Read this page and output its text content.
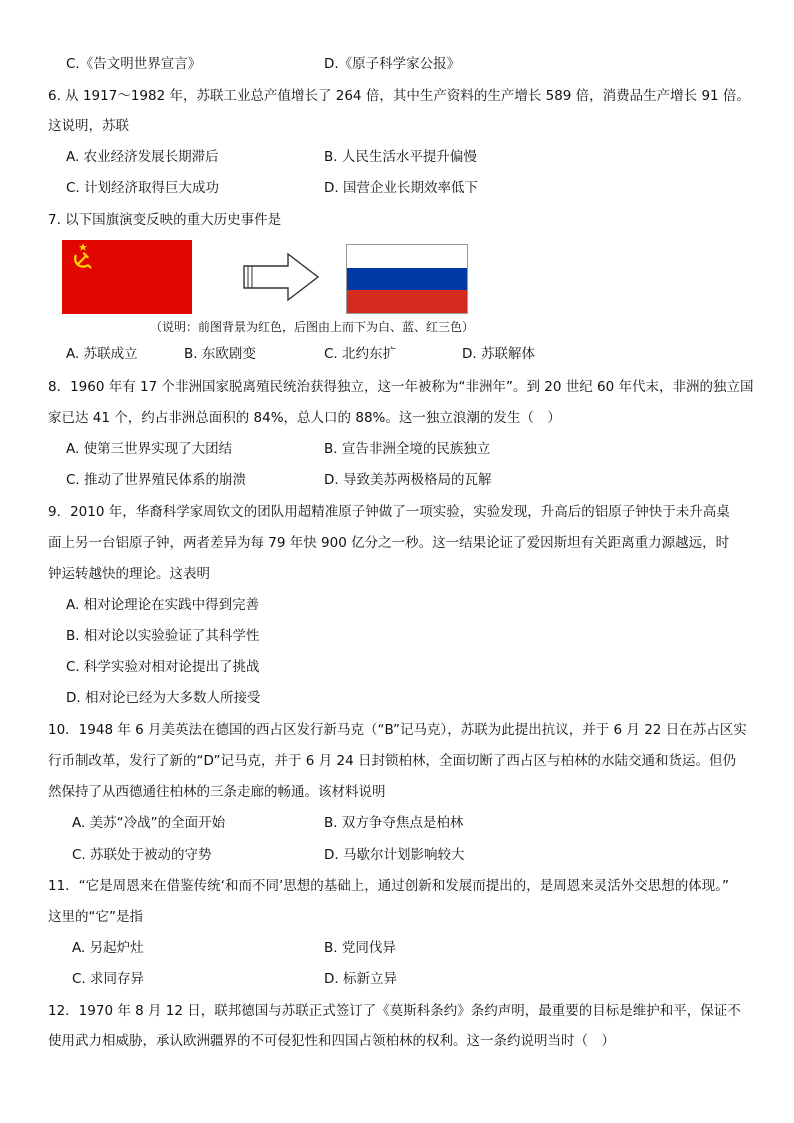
C.《告文明世界宣言》	D.《原子科学家公报》
6. 从 1917～1982 年，苏联工业总产值增长了 264 倍，其中生产资料的生产增长 589 倍，消费品生产增长 91 倍。
这说明，苏联
A. 农业经济发展长期滞后	B. 人民生活水平提升偏慢
C. 计划经济取得巨大成功	D. 国营企业长期效率低下
7. 以下国旗演变反映的重大历史事件是
（说明：前图背景为红色，后图由上而下为白、蓝、红三色）
A. 苏联成立	B. 东欧剧变	C. 北约东扩	D. 苏联解体
8．1960 年有 17 个非洲国家脱离殖民统治获得独立，这一年被称为“非洲年”。到 20 世纪 60 年代末，非洲的独立国
家已达 41 个，约占非洲总面积的 84%，总人口的 88%。这一独立浪潮的发生（　）
A. 使第三世界实现了大团结	B. 宣告非洲全境的民族独立
C. 推动了世界殖民体系的崩溃	D. 导致美苏两极格局的瓦解
9．2010 年，华裔科学家周钦文的团队用超精准原子钟做了一项实验，实验发现，升高后的铝原子钟快于未升高桌
面上另一台铝原子钟，两者差异为每 79 年快 900 亿分之一秒。这一结果论证了爱因斯坦有关距离重力源越远，时
钟运转越快的理论。这表明
A. 相对论理论在实践中得到完善
B. 相对论以实验验证了其科学性
C. 科学实验对相对论提出了挑战
D. 相对论已经为大多数人所接受
10．1948 年 6 月美英法在德国的西占区发行新马克（“B”记马克），苏联为此提出抗议，并于 6 月 22 日在苏占区实
行币制改革，发行了新的“D”记马克，并于 6 月 24 日封锁柏林，全面切断了西占区与柏林的水陆交通和货运。但仍
然保持了从西德通往柏林的三条走廊的畅通。该材料说明
A. 美苏“冷战”的全面开始	B. 双方争夺焦点是柏林
C. 苏联处于被动的守势	D. 马歇尔计划影响较大
11．“它是周恩来在借鉴传统‘和而不同’思想的基础上，通过创新和发展而提出的，是周恩来灵活外交思想的体现。”
这里的“它”是指
A. 另起炉灶	B. 党同伐异
C. 求同存异	D. 标新立异
12．1970 年 8 月 12 日，联邦德国与苏联正式签订了《莫斯科条约》条约声明，最重要的目标是维护和平，保证不
使用武力相威胁，承认欧洲疆界的不可侵犯性和四国占领柏林的权利。这一条约说明当时（　）
